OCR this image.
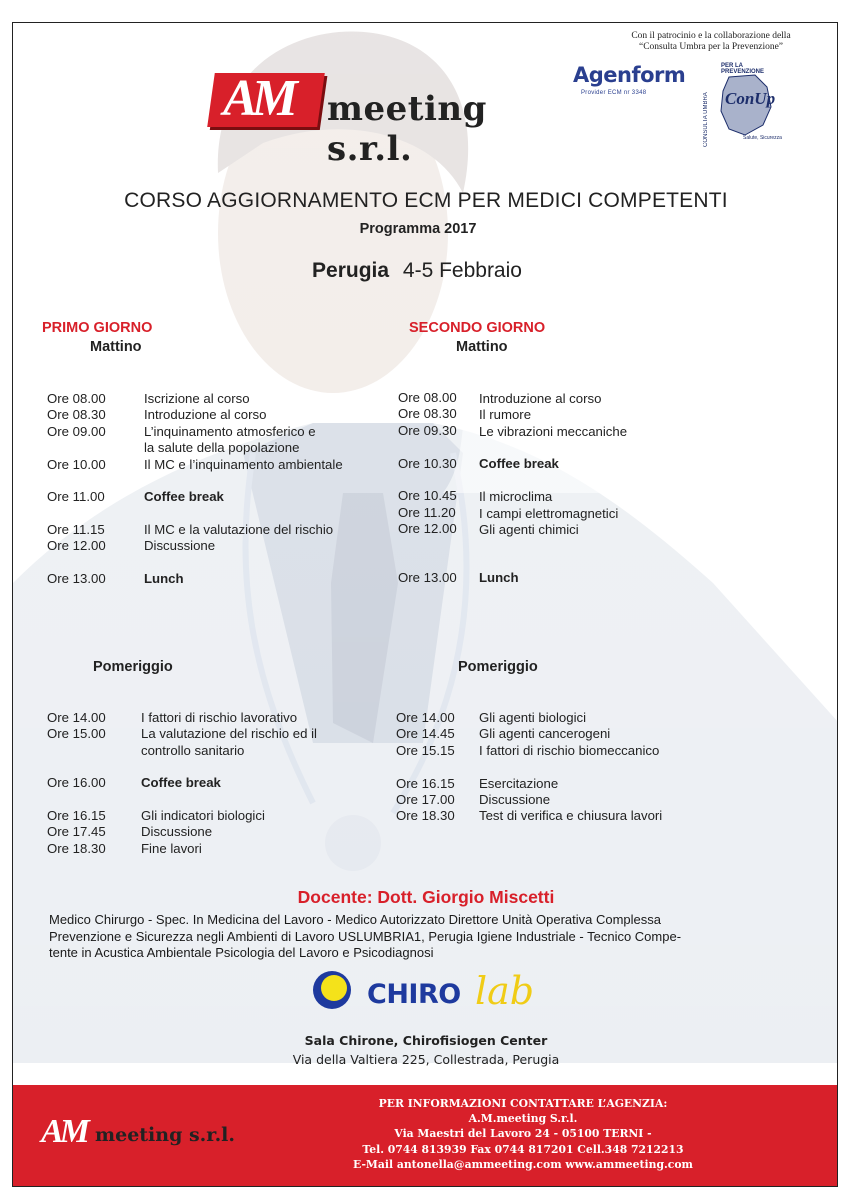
Con il patrocinio e la collaborazione della
“Consulta Umbra per la Prevenzione”
AM meeting s.r.l.
Agenform
Provider ECM nr 3348
PER LA PREVENZIONE
CONSULTA UMBRA ConUp
Salute, Sicurezza
CORSO AGGIORNAMENTO ECM PER MEDICI COMPETENTI
Programma 2017
Perugia 4-5 Febbraio
PRIMO GIORNO
Mattino
Ore 08.00	Iscrizione al corso
Ore 08.30	Introduzione al corso
Ore 09.00	L’inquinamento atmosferico e
la salute della popolazione
Ore 10.00	Il MC e l’inquinamento ambientale
Ore 11.00	Coffee break
Ore 11.15	Il MC e la valutazione del rischio
Ore 12.00	Discussione
Ore 13.00	Lunch
Pomeriggio
Ore 14.00	I fattori di rischio lavorativo
Ore 15.00	La valutazione del rischio ed il
controllo sanitario
Ore 16.00	Coffee break
Ore 16.15	Gli indicatori biologici
Ore 17.45	Discussione
Ore 18.30	Fine lavori
SECONDO GIORNO
Mattino
Ore 08.00 Introduzione al corso
Ore 08.30 Il rumore
Ore 09.30 Le vibrazioni meccaniche
Ore 10.30 Coffee break
Ore 10.45 Il microclima
Ore 11.20 I campi elettromagnetici
Ore 12.00 Gli agenti chimici
Ore 13.00 Lunch
Pomeriggio
Ore 14.00 Gli agenti biologici
Ore 14.45 Gli agenti cancerogeni
Ore 15.15 I fattori di rischio biomeccanico
Ore 16.15 Esercitazione
Ore 17.00 Discussione
Ore 18.30 Test di verifica e chiusura lavori
Docente: Dott. Giorgio Miscetti
Medico Chirurgo - Spec. In Medicina del Lavoro - Medico Autorizzato Direttore Unità Operativa Complessa
Prevenzione e Sicurezza negli Ambienti di Lavoro USLUMBRIA1, Perugia Igiene Industriale - Tecnico Compe-
tente in Acustica Ambientale Psicologia del Lavoro e Psicodiagnosi
CHIRO lab
Sala Chirone, Chirofisiogen Center
Via della Valtiera 225, Collestrada, Perugia
AM meeting s.r.l.
PER INFORMAZIONI CONTATTARE L’AGENZIA:
A.M.meeting S.r.l.
Via Maestri del Lavoro 24 - 05100 TERNI -
Tel. 0744 813939 Fax 0744 817201 Cell.348 7212213
E-Mail antonella@ammeeting.com www.ammeeting.com
